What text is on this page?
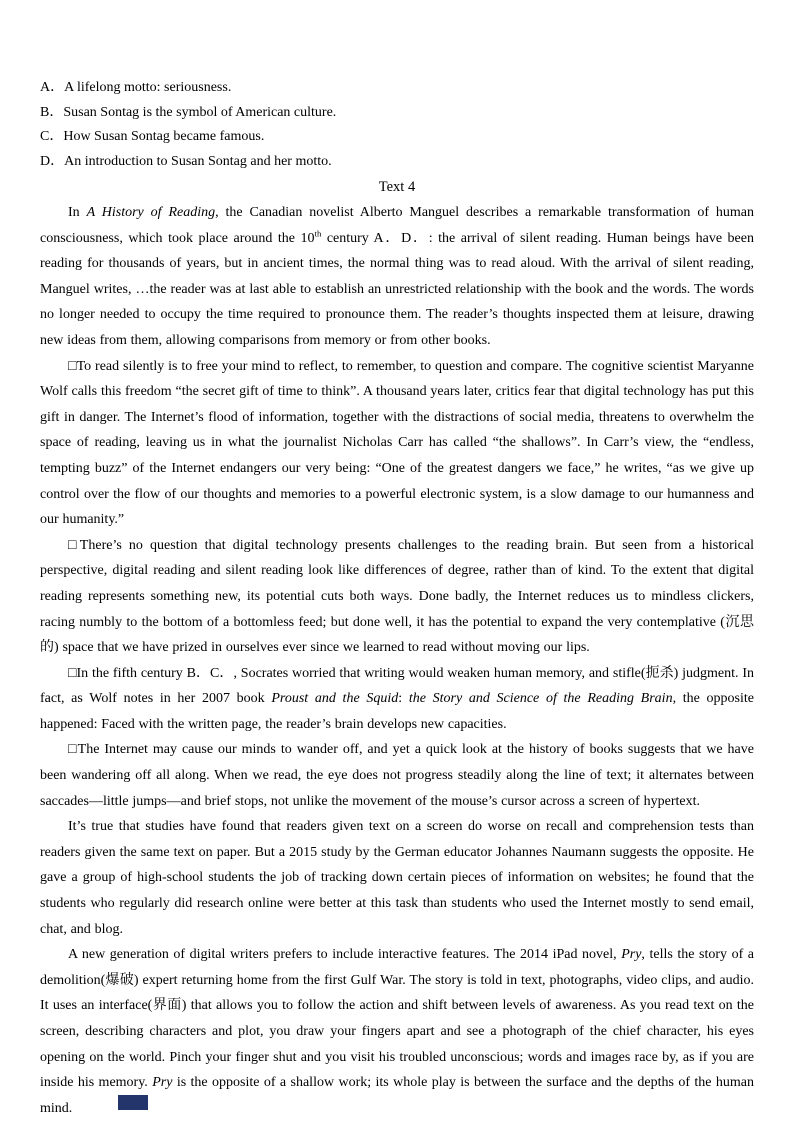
A．A lifelong motto: seriousness.
B．Susan Sontag is the symbol of American culture.
C．How Susan Sontag became famous.
D．An introduction to Susan Sontag and her motto.
Text 4

In A History of Reading, the Canadian novelist Alberto Manguel describes a remarkable transformation of human consciousness, which took place around the 10th century A．D．: the arrival of silent reading. Human beings have been reading for thousands of years, but in ancient times, the normal thing was to read aloud. With the arrival of silent reading, Manguel writes, …the reader was at last able to establish an unrestricted relationship with the book and the words. The words no longer needed to occupy the time required to pronounce them. The reader’s thoughts inspected them at leisure, drawing new ideas from them, allowing comparisons from memory or from other books.

□To read silently is to free your mind to reflect, to remember, to question and compare. The cognitive scientist Maryanne Wolf calls this freedom “the secret gift of time to think”. A thousand years later, critics fear that digital technology has put this gift in danger. The Internet’s flood of information, together with the distractions of social media, threatens to overwhelm the space of reading, leaving us in what the journalist Nicholas Carr has called “the shallows”. In Carr’s view, the “endless, tempting buzz” of the Internet endangers our very being: “One of the greatest dangers we face,” he writes, “as we give up control over the flow of our thoughts and memories to a powerful electronic system, is a slow damage to our humanness and our humanity.”

□There’s no question that digital technology presents challenges to the reading brain. But seen from a historical perspective, digital reading and silent reading look like differences of degree, rather than of kind. To the extent that digital reading represents something new, its potential cuts both ways. Done badly, the Internet reduces us to mindless clickers, racing numbly to the bottom of a bottomless feed; but done well, it has the potential to expand the very contemplative (沉思的) space that we have prized in ourselves ever since we learned to read without moving our lips.

□In the fifth century B．C．, Socrates worried that writing would weaken human memory, and stifle(扼杀) judgment. In fact, as Wolf notes in her 2007 book Proust and the Squid: the Story and Science of the Reading Brain, the opposite happened: Faced with the written page, the reader’s brain develops new capacities.

□The Internet may cause our minds to wander off, and yet a quick look at the history of books suggests that we have been wandering off all along. When we read, the eye does not progress steadily along the line of text; it alternates between saccades—little jumps—and brief stops, not unlike the movement of the mouse’s cursor across a screen of hypertext.

It’s true that studies have found that readers given text on a screen do worse on recall and comprehension tests than readers given the same text on paper. But a 2015 study by the German educator Johannes Naumann suggests the opposite. He gave a group of high-school students the job of tracking down certain pieces of information on websites; he found that the students who regularly did research online were better at this task than students who used the Internet mostly to send email, chat, and blog.

A new generation of digital writers prefers to include interactive features. The 2014 iPad novel, Pry, tells the story of a demolition(爆破) expert returning home from the first Gulf War. The story is told in text, photographs, video clips, and audio. It uses an interface(界面) that allows you to follow the action and shift between levels of awareness. As you read text on the screen, describing characters and plot, you draw your fingers apart and see a photograph of the chief character, his eyes opening on the world. Pinch your finger shut and you visit his troubled unconscious; words and images race by, as if you are inside his memory. Pry is the opposite of a shallow work; its whole play is between the surface and the depths of the human mind.
